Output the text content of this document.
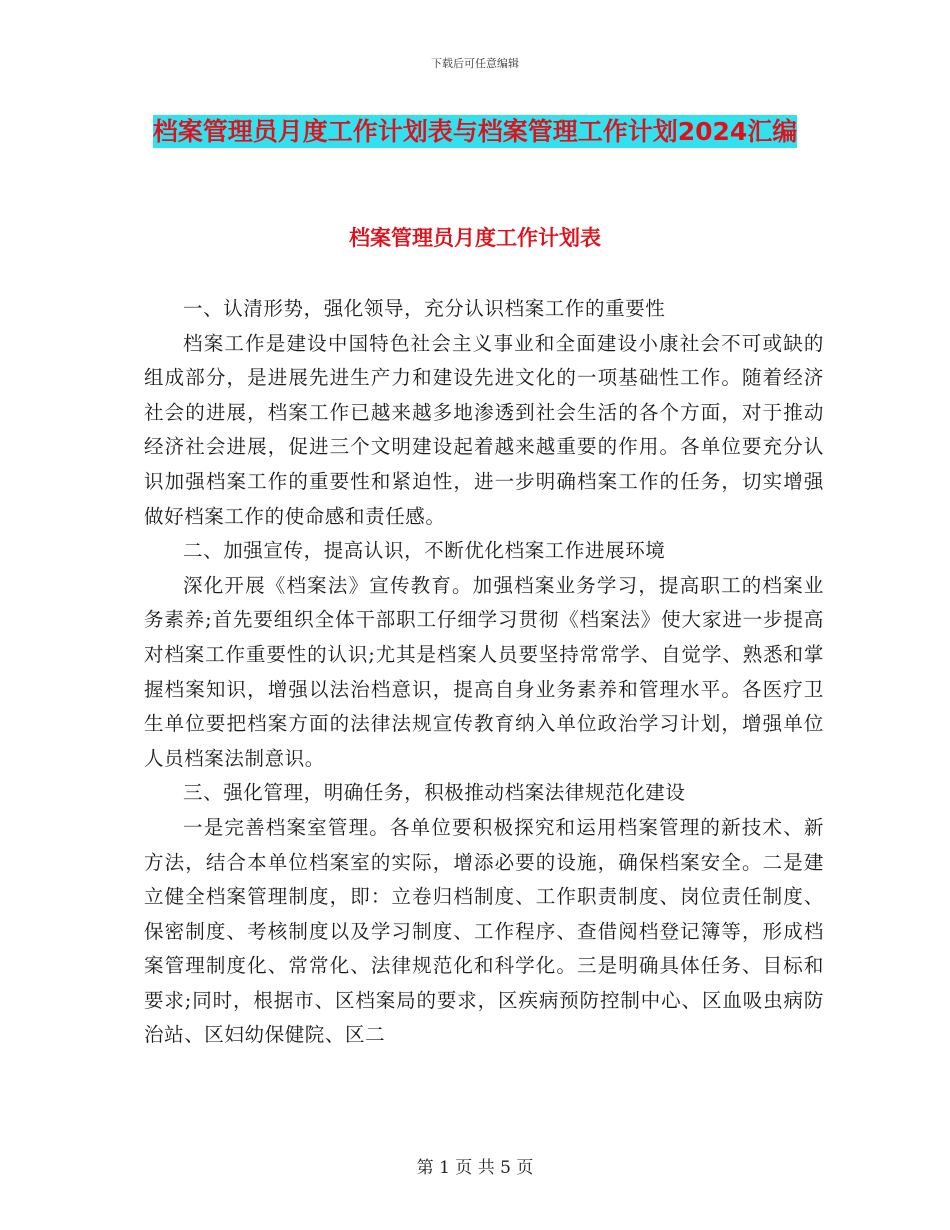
下载后可任意编辑
档案管理员月度工作计划表与档案管理工作计划2024汇编
档案管理员月度工作计划表

一、认清形势，强化领导，充分认识档案工作的重要性

档案工作是建设中国特色社会主义事业和全面建设小康社会不可或缺的组成部分，是进展先进生产力和建设先进文化的一项基础性工作。随着经济社会的进展，档案工作已越来越多地渗透到社会生活的各个方面，对于推动经济社会进展，促进三个文明建设起着越来越重要的作用。各单位要充分认识加强档案工作的重要性和紧迫性，进一步明确档案工作的任务，切实增强做好档案工作的使命感和责任感。

二、加强宣传，提高认识，不断优化档案工作进展环境

深化开展《档案法》宣传教育。加强档案业务学习，提高职工的档案业务素养;首先要组织全体干部职工仔细学习贯彻《档案法》使大家进一步提高对档案工作重要性的认识;尤其是档案人员要坚持常常学、自觉学、熟悉和掌握档案知识，增强以法治档意识，提高自身业务素养和管理水平。各医疗卫生单位要把档案方面的法律法规宣传教育纳入单位政治学习计划，增强单位人员档案法制意识。

三、强化管理，明确任务，积极推动档案法律规范化建设

一是完善档案室管理。各单位要积极探究和运用档案管理的新技术、新方法，结合本单位档案室的实际，增添必要的设施，确保档案安全。二是建立健全档案管理制度，即：立卷归档制度、工作职责制度、岗位责任制度、保密制度、考核制度以及学习制度、工作程序、查借阅档登记簿等，形成档案管理制度化、常常化、法律规范化和科学化。三是明确具体任务、目标和要求;同时，根据市、区档案局的要求，区疾病预防控制中心、区血吸虫病防治站、区妇幼保健院、区二

第 1 页 共 5 页
